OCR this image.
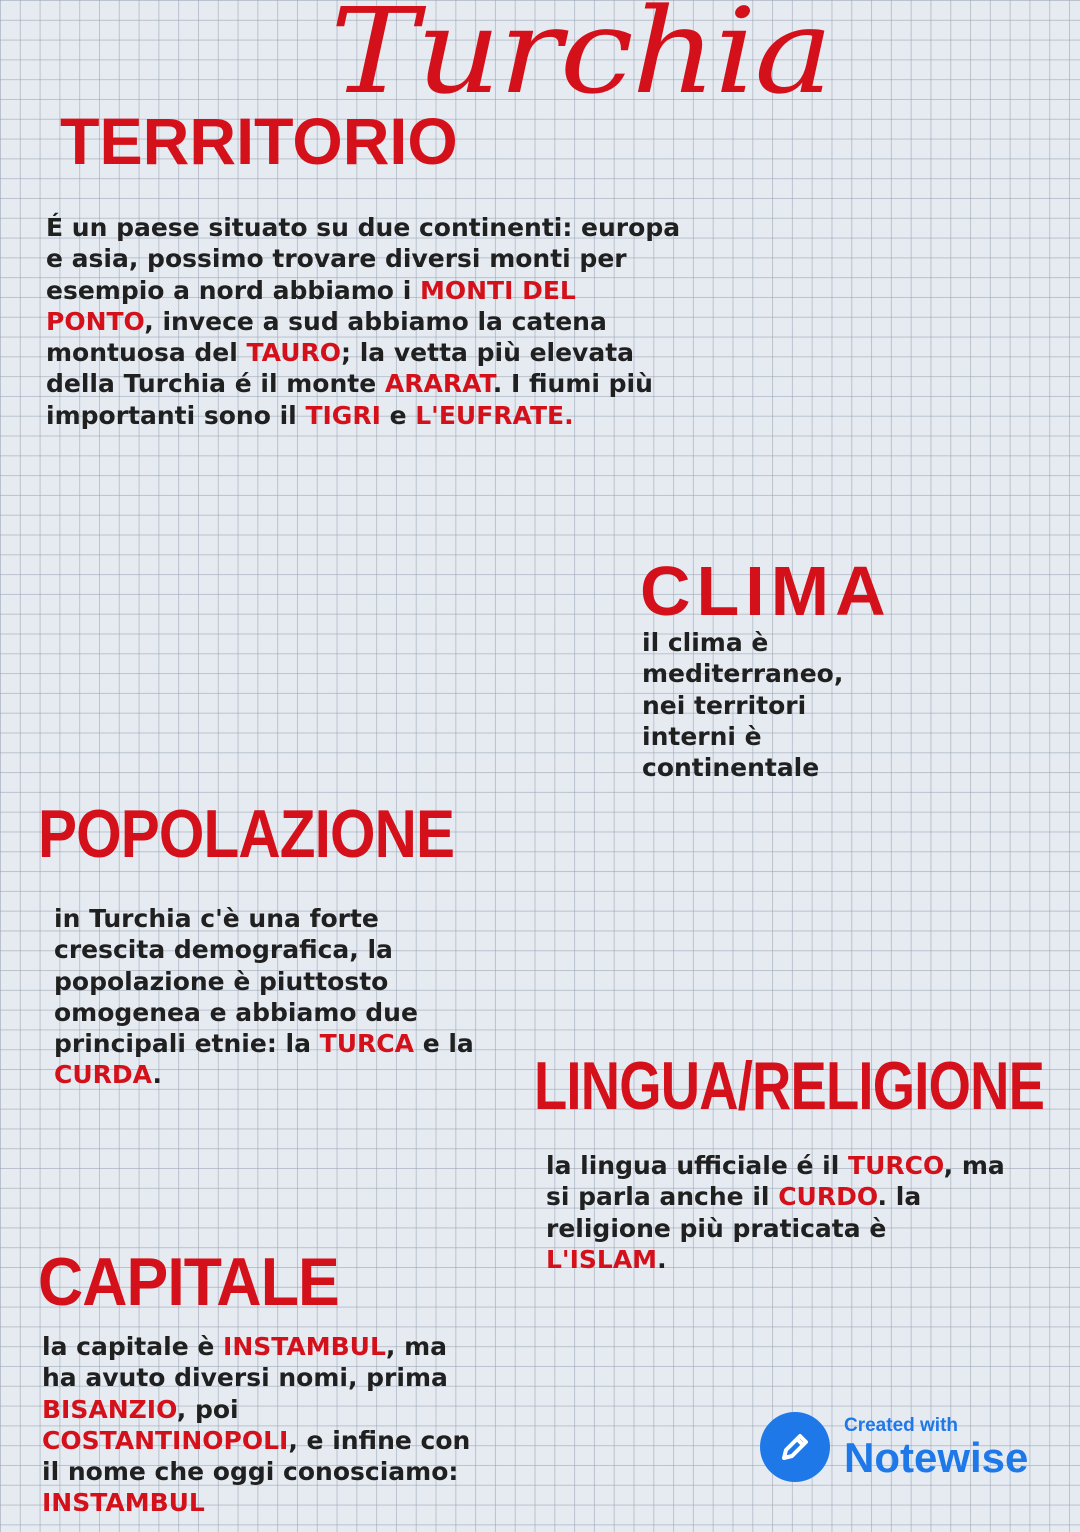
Turchia
TERRITORIO

É un paese situato su due continenti: europa e asia, possimo trovare diversi monti per esempio a nord abbiamo i MONTI DEL PONTO, invece a sud abbiamo la catena montuosa del TAURO; la vetta più elevata della Turchia é il monte ARARAT. I fiumi più importanti sono il TIGRI e L'EUFRATE.

CLIMA

il clima è mediterraneo, nei territori interni è continentale

POPOLAZIONE

in Turchia c'è una forte crescita demografica, la popolazione è piuttosto omogenea e abbiamo due principali etnie: la TURCA e la CURDA.	LINGUA/RELIGIONE

la lingua ufficiale é il TURCO, ma si parla anche il CURDO. la religione più praticata è L'ISLAM.

CAPITALE

la capitale è INSTAMBUL, ma ha avuto diversi nomi, prima BISANZIO, poi COSTANTINOPOLI, e infine con il nome che oggi conosciamo: INSTAMBUL

Created with
Notewise
